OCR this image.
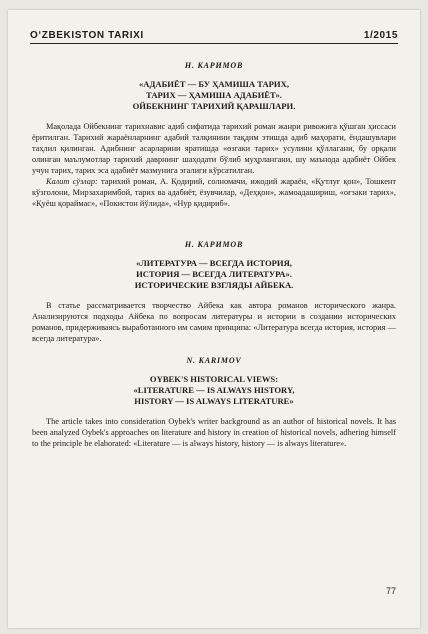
O‘ZBEKISTON TARIXI	1/2015
Н. КАРИМОВ
«АДАБИЁТ — БУ ҲАМИША ТАРИХ,
ТАРИХ — ҲАМИША АДАБИЁТ».
ОЙБЕКНИНГ ТАРИХИЙ ҚАРАШЛАРИ.

Мақолада Ойбекнинг тарихнавис адиб сифатида тарихий роман жанри ривожига қўшган ҳиссаси ёритилган. Тарихий жараёнларнинг адабий талқинини тақдим этишда адиб маҳорати, ёндашувлари таҳлил қилинган. Адибнинг асарларини яратишда «өзгаки тарих» усулини қўллагани, бу орқали олинган маълумотлар тарихий даврнинг шаҳодати бўлиб муҳрлангани, шу маънода адабиёт Ойбек учун тарих, тарих эса адабиёт мазмунига эгалиги кўрсатилган.

Калит сўзлар: тарихий роман, А. Қодирий, солномачи, ижодий жараён, «Қутлуғ қон», Тошкент кўзголони, Мирзахаримбой, тарих ва адабиёт, ёзувчилар, «Деҳқон», жамоадашириш, «оғзаки тарих», «Қуёш қораймас», «Покистон йўлида», «Нур қидириб».

Н. КАРИМОВ
«ЛИТЕРАТУРА — ВСЕГДА ИСТОРИЯ,
ИСТОРИЯ — ВСЕГДА ЛИТЕРАТУРА».
ИСТОРИЧЕСКИЕ ВЗГЛЯДЫ АЙБЕКА.

В статье рассматривается творчество Айбека как автора романов исторического жанра. Анализируются подходы Айбека по вопросам литературы и истории в создании исторических романов, придерживаясь выработанного им самим принципа: «Литература всегда история, история — всегда литература».

N. KARIMOV
OYBEK'S HISTORICAL VIEWS:
«LITERATURE — IS ALWAYS HISTORY,
HISTORY — IS ALWAYS LITERATURE»

The article takes into consideration Oybek's writer background as an author of historical novels. It has been analyzed Oybek's approaches on literature and history in creation of historical novels, adhering himself to the principle he elaborated: «Literature — is always history, history — is always literature».

77
